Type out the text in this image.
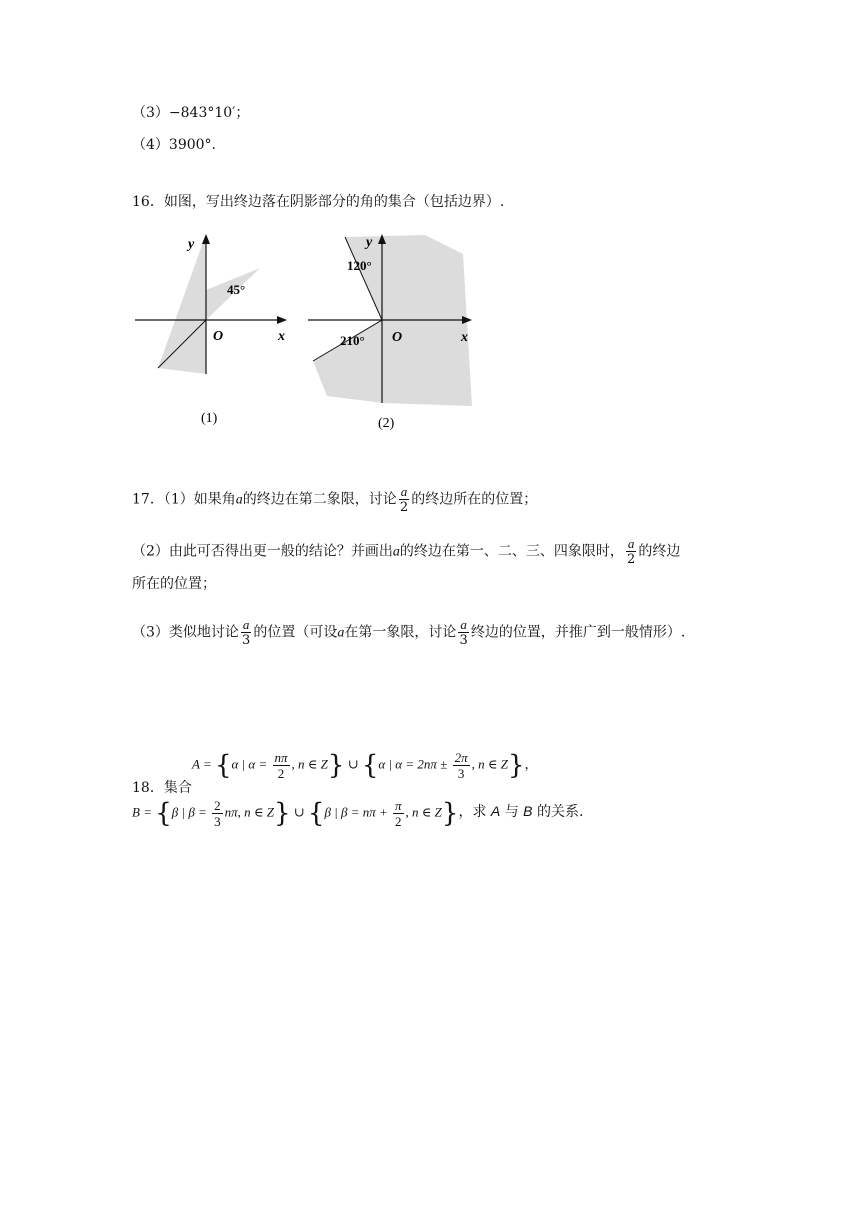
（3）−843°10′；
（4）3900°.
16．如图，写出终边落在阴影部分的角的集合（包括边界）.
y
45°
O	x
(1)
y
120°
210° O	x
(2)
17．（1）如果角a的终边在第二象限，讨论 $\frac{a}{2}$ 的终边所在的位置；
（2）由此可否得出更一般的结论？并画出a的终边在第一、二、三、四象限时， $\frac{a}{2}$ 的终边
所在的位置；
（3）类似地讨论 $\frac{a}{3}$ 的位置（可设a在第一象限，讨论 $\frac{a}{3}$ 终边的位置，并推广到一般情形）.
A = {α | $\alpha = \frac{n\pi}{2}$ , n ∈ Z} ∪ {α | $\alpha = 2n\pi \pm \frac{2\pi}{3}$ , n ∈ Z}，
18．集合
B = {β | $\beta = \frac{2}{3} n\pi$, n ∈ Z} ∪ {β | $\beta = n\pi + \frac{\pi}{2}$ , n ∈ Z}，求 A 与 B 的关系.
